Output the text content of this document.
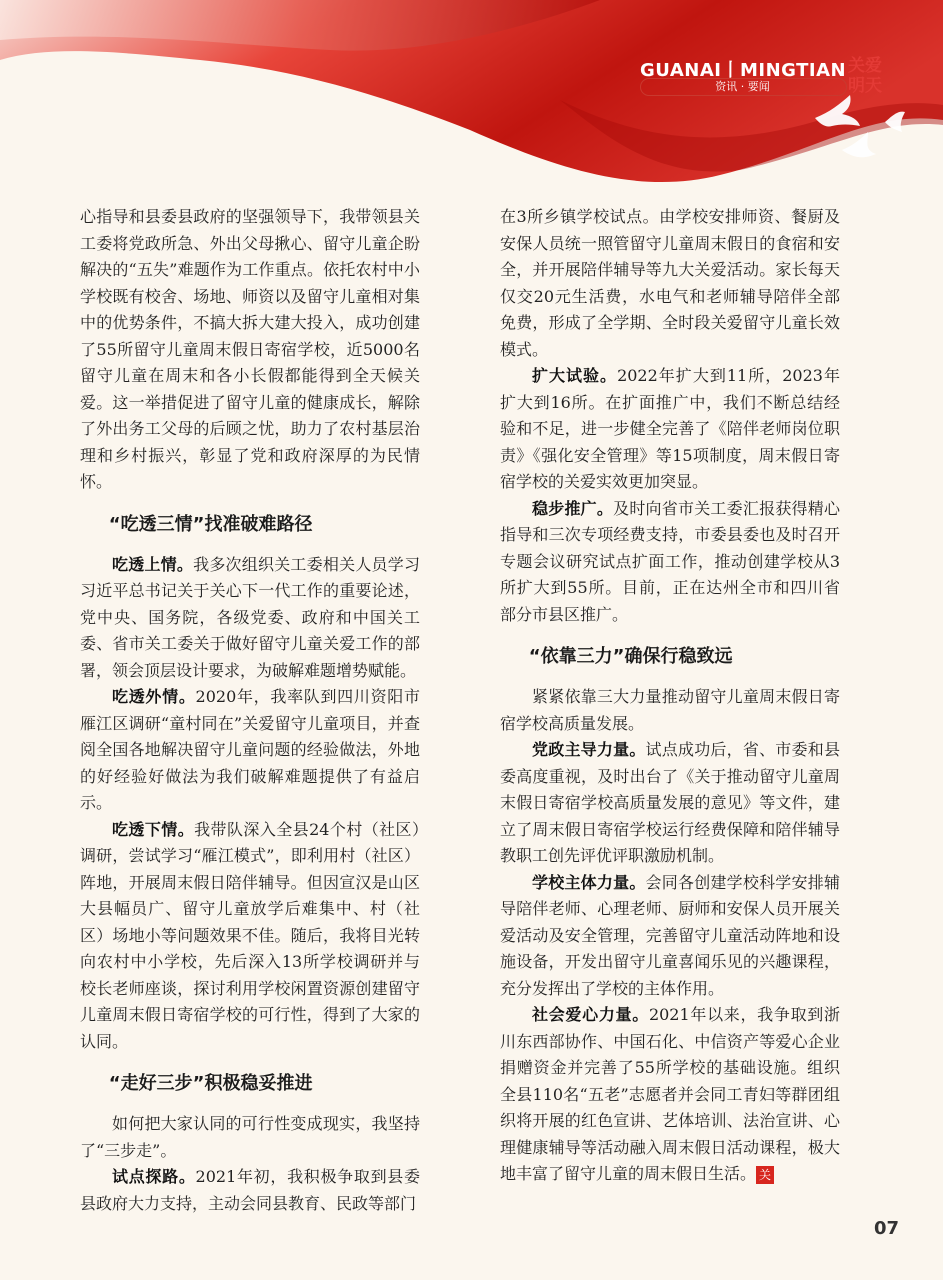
GUANAI丨MINGTIAN 关爱
明天
资讯 · 要闻

心指导和县委县政府的坚强领导下，我带领县关工委将党政所急、外出父母揪心、留守儿童企盼解决的“五失”难题作为工作重点。依托农村中小学校既有校舍、场地、师资以及留守儿童相对集中的优势条件，不搞大拆大建大投入，成功创建了55所留守儿童周末假日寄宿学校，近5000名留守儿童在周末和各小长假都能得到全天候关爱。这一举措促进了留守儿童的健康成长，解除了外出务工父母的后顾之忧，助力了农村基层治理和乡村振兴，彰显了党和政府深厚的为民情怀。

“吃透三情”找准破难路径

吃透上情。我多次组织关工委相关人员学习习近平总书记关于关心下一代工作的重要论述，党中央、国务院，各级党委、政府和中国关工委、省市关工委关于做好留守儿童关爱工作的部署，领会顶层设计要求，为破解难题增势赋能。

吃透外情。2020年，我率队到四川资阳市雁江区调研“童村同在”关爱留守儿童项目，并查阅全国各地解决留守儿童问题的经验做法，外地的好经验好做法为我们破解难题提供了有益启示。

吃透下情。我带队深入全县24个村（社区）调研，尝试学习“雁江模式”，即利用村（社区）阵地，开展周末假日陪伴辅导。但因宣汉是山区大县幅员广、留守儿童放学后难集中、村（社区）场地小等问题效果不佳。随后，我将目光转向农村中小学校，先后深入13所学校调研并与校长老师座谈，探讨利用学校闲置资源创建留守儿童周末假日寄宿学校的可行性，得到了大家的认同。

“走好三步”积极稳妥推进

如何把大家认同的可行性变成现实，我坚持了“三步走”。

试点探路。2021年初，我积极争取到县委县政府大力支持，主动会同县教育、民政等部门

在3所乡镇学校试点。由学校安排师资、餐厨及安保人员统一照管留守儿童周末假日的食宿和安全，并开展陪伴辅导等九大关爱活动。家长每天仅交20元生活费，水电气和老师辅导陪伴全部免费，形成了全学期、全时段关爱留守儿童长效模式。

扩大试验。2022年扩大到11所，2023年扩大到16所。在扩面推广中，我们不断总结经验和不足，进一步健全完善了《陪伴老师岗位职责》《强化安全管理》等15项制度，周末假日寄宿学校的关爱实效更加突显。

稳步推广。及时向省市关工委汇报获得精心指导和三次专项经费支持，市委县委也及时召开专题会议研究试点扩面工作，推动创建学校从3所扩大到55所。目前，正在达州全市和四川省部分市县区推广。

“依靠三力”确保行稳致远

紧紧依靠三大力量推动留守儿童周末假日寄宿学校高质量发展。

党政主导力量。试点成功后，省、市委和县委高度重视，及时出台了《关于推动留守儿童周末假日寄宿学校高质量发展的意见》等文件，建立了周末假日寄宿学校运行经费保障和陪伴辅导教职工创先评优评职激励机制。

学校主体力量。会同各创建学校科学安排辅导陪伴老师、心理老师、厨师和安保人员开展关爱活动及安全管理，完善留守儿童活动阵地和设施设备，开发出留守儿童喜闻乐见的兴趣课程，充分发挥出了学校的主体作用。

社会爱心力量。2021年以来，我争取到浙川东西部协作、中国石化、中信资产等爱心企业捐赠资金并完善了55所学校的基础设施。组织全县110名“五老”志愿者并会同工青妇等群团组织将开展的红色宣讲、艺体培训、法治宣讲、心理健康辅导等活动融入周末假日活动课程，极大地丰富了留守儿童的周末假日生活。 关

07
